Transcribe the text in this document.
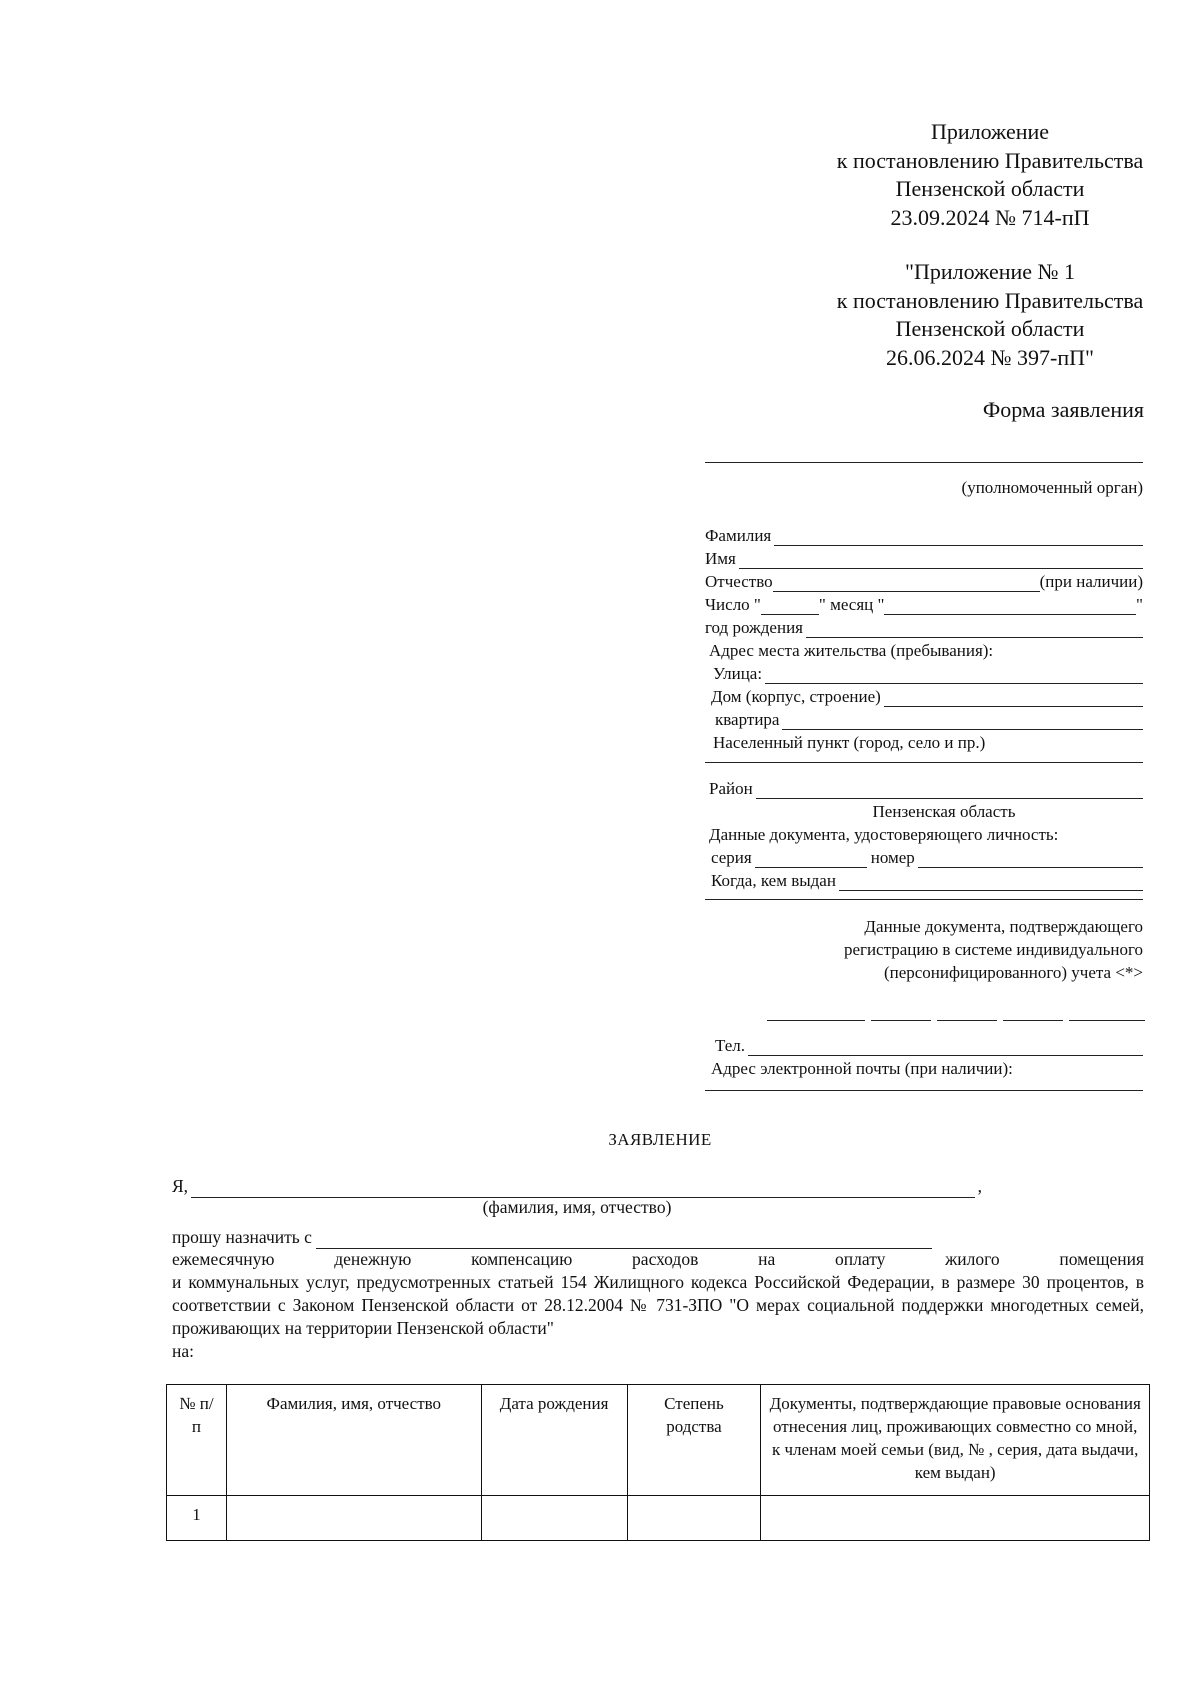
Приложение
к постановлению Правительства
Пензенской области
23.09.2024 № 714-пП
"Приложение № 1
к постановлению Правительства
Пензенской области
26.06.2024 № 397-пП"
Форма заявления
(уполномоченный орган)
Фамилия
Имя
Отчество	(при наличии)
Число "	" месяц "	"
год рождения
Адрес места жительства (пребывания):
Улица:
Дом (корпус, строение)
квартира
Населенный пункт (город, село и пр.)
Район
Пензенская область
Данные документа, удостоверяющего личность:
серия	номер
Когда, кем выдан
Данные документа, подтверждающего
регистрацию в системе индивидуального
(персонифицированного) учета <*>
Тел.
Адрес электронной почты (при наличии):
ЗАЯВЛЕНИЕ
Я,	,
(фамилия, имя, отчество)
прошу назначить с

ежемесячную денежную компенсацию расходов на оплату жилого помещения

и коммунальных услуг, предусмотренных статьей 154 Жилищного кодекса Российской Федерации, в размере 30 процентов, в соответствии с Законом Пензенской области от 28.12.2004 № 731-ЗПО "О мерах социальной поддержки многодетных семей, проживающих на территории Пензенской области"

на:
№ п/п	Фамилия, имя, отчество	Дата рождения	Степень родства	Документы, подтверждающие правовые основания отнесения лиц, проживающих совместно со мной, к членам моей семьи (вид, № , серия, дата выдачи, кем выдан)
1				
